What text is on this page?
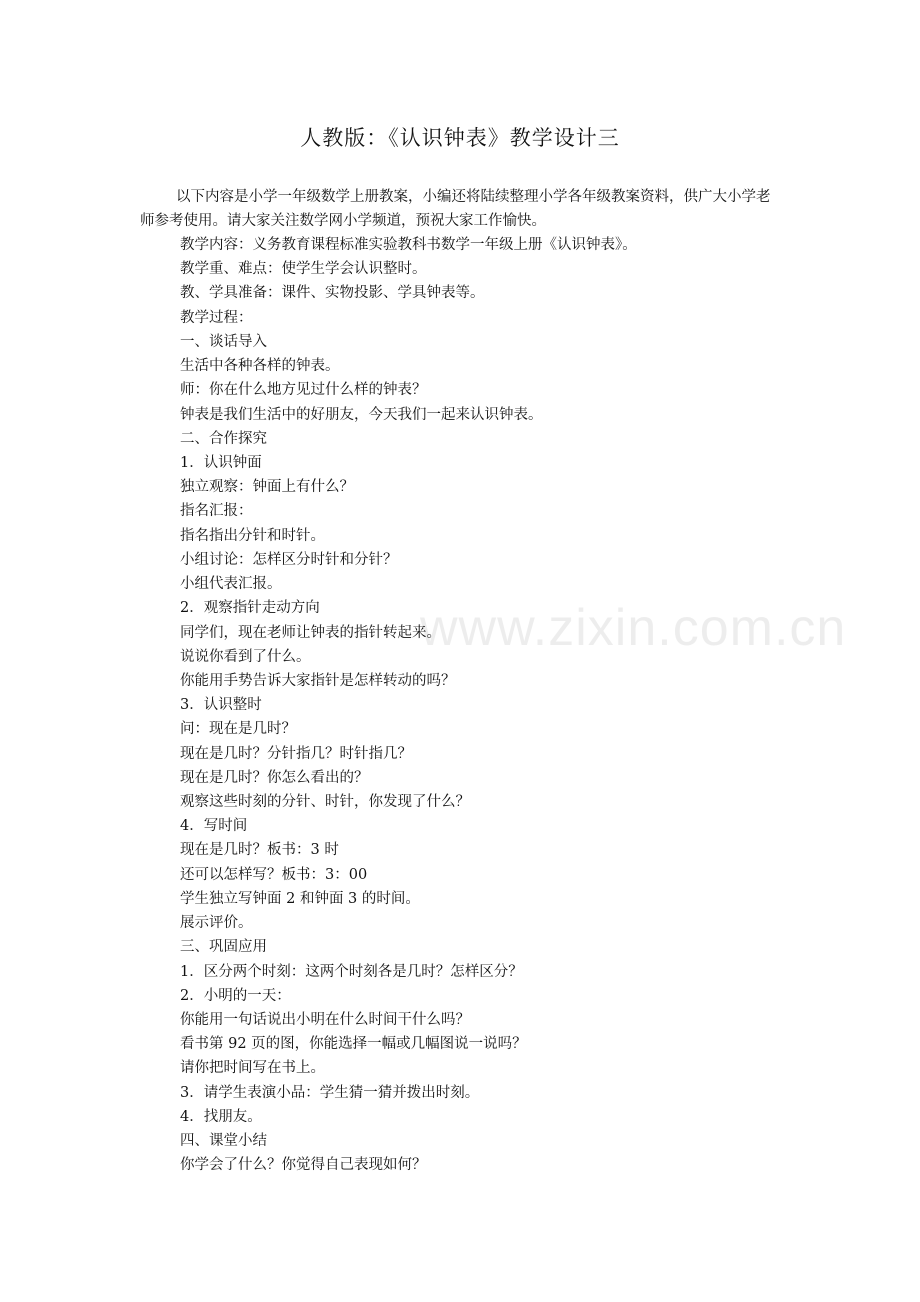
人教版：《认识钟表》教学设计三

以下内容是小学一年级数学上册教案，小编还将陆续整理小学各年级教案资料，供广大小学老师参考使用。请大家关注数学网小学频道，预祝大家工作愉快。

教学内容：义务教育课程标准实验教科书数学一年级上册《认识钟表》。
教学重、难点：使学生学会认识整时。
教、学具准备：课件、实物投影、学具钟表等。
教学过程：
一、谈话导入
生活中各种各样的钟表。
师：你在什么地方见过什么样的钟表？
钟表是我们生活中的好朋友，今天我们一起来认识钟表。
二、合作探究
1．认识钟面
独立观察：钟面上有什么？
指名汇报：
指名指出分针和时针。
小组讨论：怎样区分时针和分针？
小组代表汇报。
2．观察指针走动方向
同学们，现在老师让钟表的指针转起来。
说说你看到了什么。
你能用手势告诉大家指针是怎样转动的吗？
3．认识整时
问：现在是几时？
现在是几时？分针指几？时针指几？
现在是几时？你怎么看出的？
观察这些时刻的分针、时针，你发现了什么？
4．写时间
现在是几时？板书：3 时
还可以怎样写？板书：3：00
学生独立写钟面 2 和钟面 3 的时间。
展示评价。
三、巩固应用
1．区分两个时刻：这两个时刻各是几时？怎样区分？
2．小明的一天：
你能用一句话说出小明在什么时间干什么吗？
看书第 92 页的图，你能选择一幅或几幅图说一说吗？
请你把时间写在书上。
3．请学生表演小品：学生猜一猜并拨出时刻。
4．找朋友。
四、课堂小结
你学会了什么？你觉得自己表现如何？
www.zixin.com.cn
